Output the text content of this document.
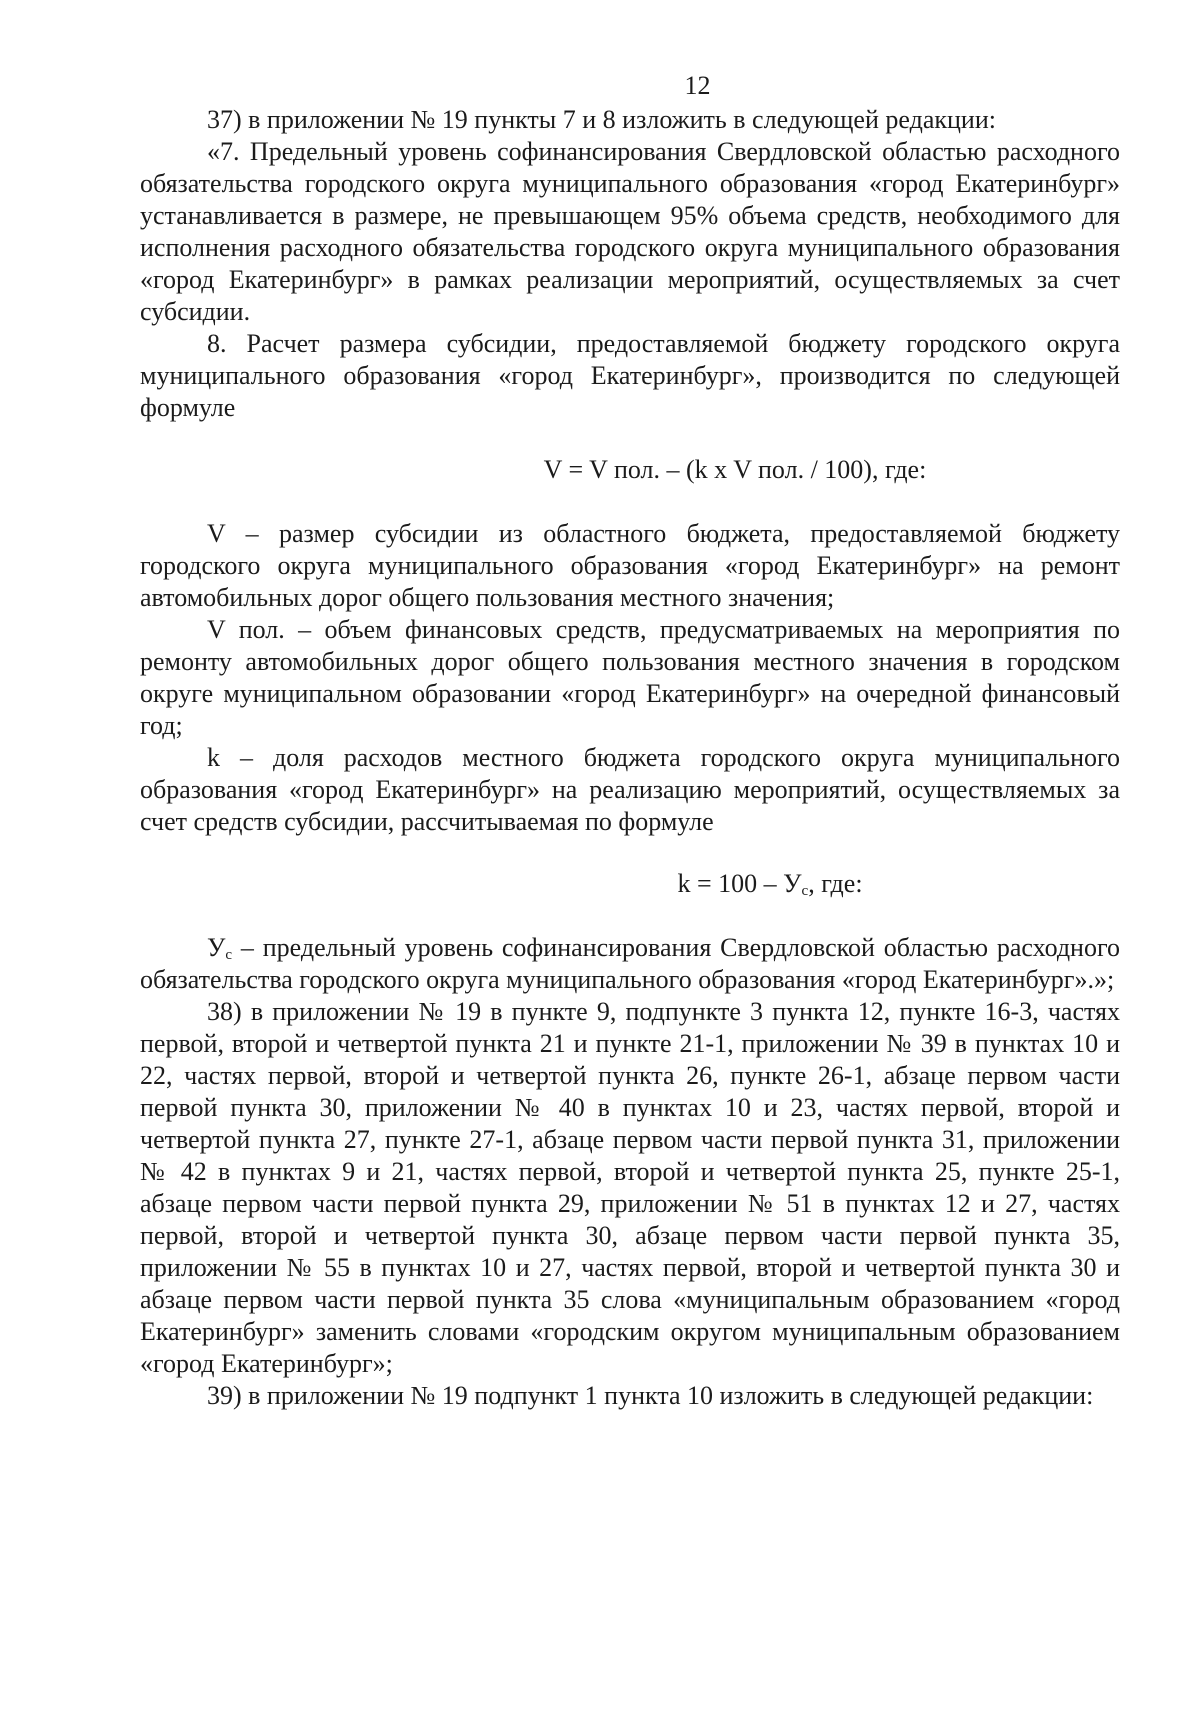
12

37) в приложении № 19 пункты 7 и 8 изложить в следующей редакции:

«7. Предельный уровень софинансирования Свердловской областью расходного обязательства городского округа муниципального образования «город Екатеринбург» устанавливается в размере, не превышающем 95% объема средств, необходимого для исполнения расходного обязательства городского округа муниципального образования «город Екатеринбург» в рамках реализации мероприятий, осуществляемых за счет субсидии.

8. Расчет размера субсидии, предоставляемой бюджету городского округа муниципального образования «город Екатеринбург», производится по следующей формуле

V = V пол. – (k x V пол. / 100), где:

V – размер субсидии из областного бюджета, предоставляемой бюджету городского округа муниципального образования «город Екатеринбург» на ремонт автомобильных дорог общего пользования местного значения;

V пол. – объем финансовых средств, предусматриваемых на мероприятия по ремонту автомобильных дорог общего пользования местного значения в городском округе муниципальном образовании «город Екатеринбург» на очередной финансовый год;

k – доля расходов местного бюджета городского округа муниципального образования «город Екатеринбург» на реализацию мероприятий, осуществляемых за счет средств субсидии, рассчитываемая по формуле

$k = 100 - У_с$, где:

$У_с$ – предельный уровень софинансирования Свердловской областью расходного обязательства городского округа муниципального образования «город Екатеринбург».»;

38) в приложении № 19 в пункте 9, подпункте 3 пункта 12, пункте 16-3, частях первой, второй и четвертой пункта 21 и пункте 21-1, приложении № 39 в пунктах 10 и 22, частях первой, второй и четвертой пункта 26, пункте 26-1, абзаце первом части первой пункта 30, приложении № 40 в пунктах 10 и 23, частях первой, второй и четвертой пункта 27, пункте 27-1, абзаце первом части первой пункта 31, приложении № 42 в пунктах 9 и 21, частях первой, второй и четвертой пункта 25, пункте 25-1, абзаце первом части первой пункта 29, приложении № 51 в пунктах 12 и 27, частях первой, второй и четвертой пункта 30, абзаце первом части первой пункта 35, приложении № 55 в пунктах 10 и 27, частях первой, второй и четвертой пункта 30 и абзаце первом части первой пункта 35 слова «муниципальным образованием «город Екатеринбург» заменить словами «городским округом муниципальным образованием «город Екатеринбург»;

39) в приложении № 19 подпункт 1 пункта 10 изложить в следующей редакции:
